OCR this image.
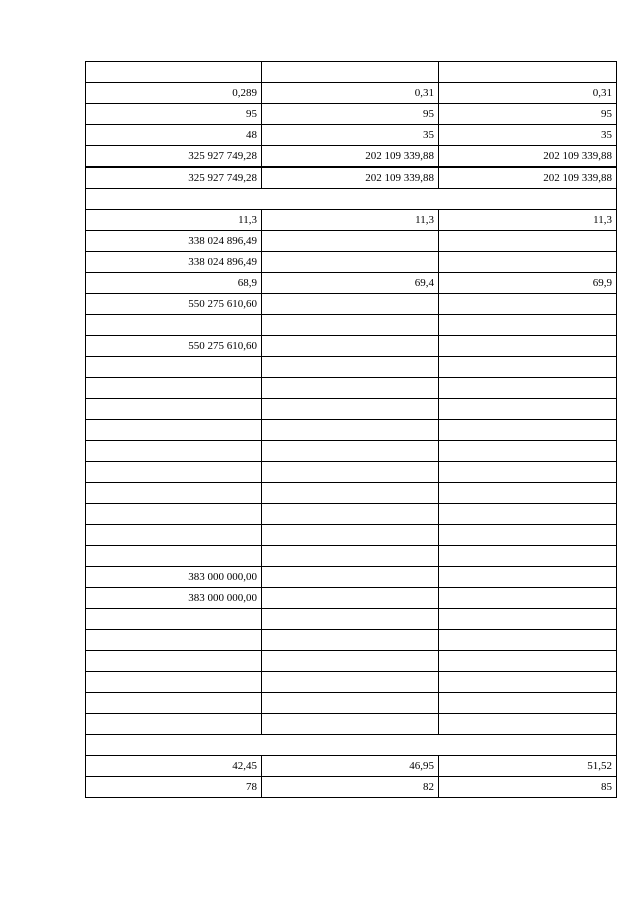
0,289	0,31	0,31
95	95	95
48	35	35
325 927 749,28	202 109 339,88	202 109 339,88
325 927 749,28	202 109 339,88	202 109 339,88

11,3	11,3	11,3
338 024 896,49		
338 024 896,49		
68,9	69,4	69,9
550 275 610,60		

550 275 610,60		

383 000 000,00		
383 000 000,00		

42,45	46,95	51,52
78	82	85
